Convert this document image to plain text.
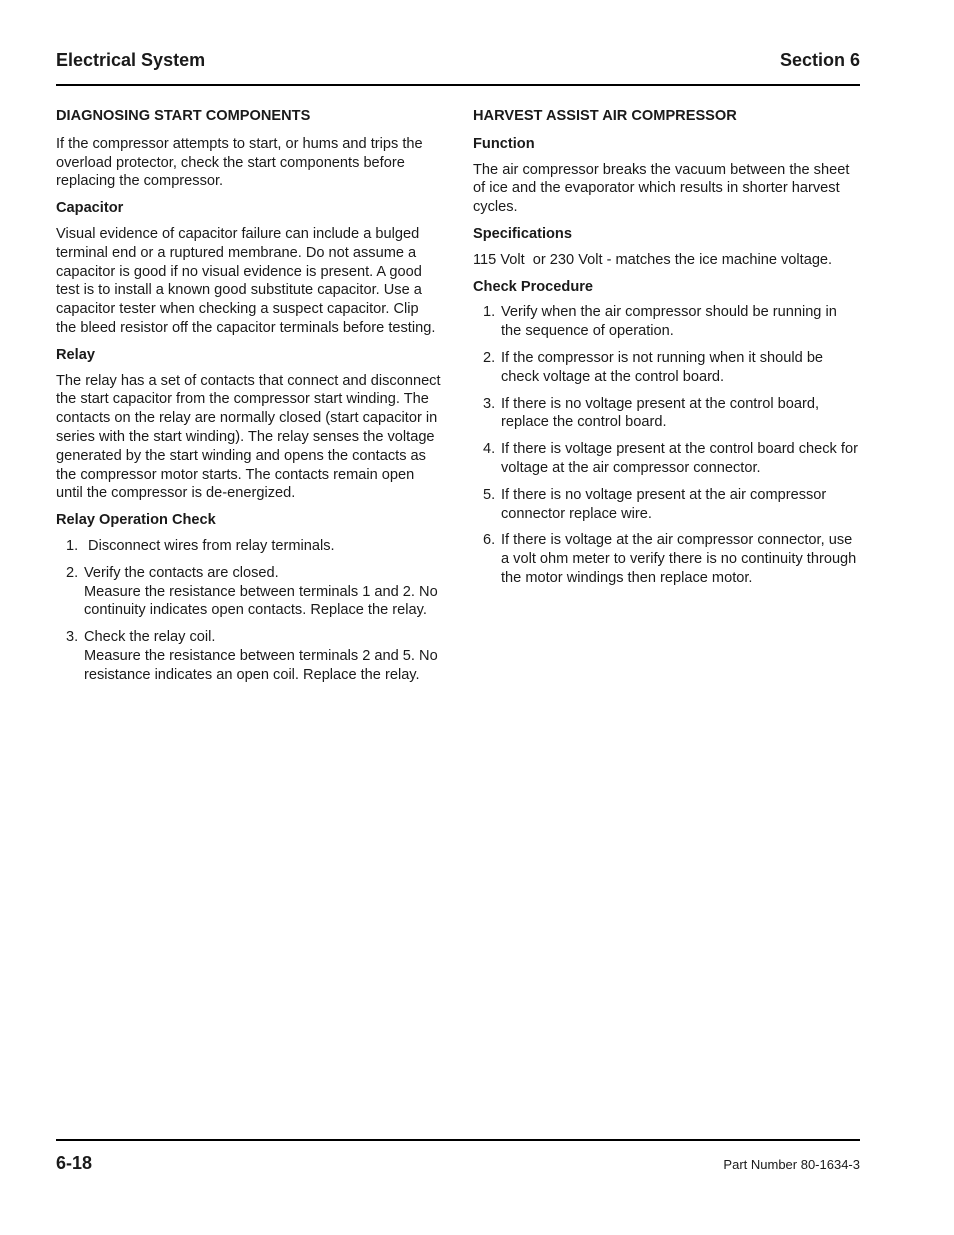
Electrical System	Section 6
DIAGNOSING START COMPONENTS

If the compressor attempts to start, or hums and trips the overload protector, check the start components before replacing the compressor.

Capacitor

Visual evidence of capacitor failure can include a bulged terminal end or a ruptured membrane. Do not assume a capacitor is good if no visual evidence is present. A good test is to install a known good substitute capacitor. Use a capacitor tester when checking a suspect capacitor. Clip the bleed resistor off the capacitor terminals before testing.

Relay

The relay has a set of contacts that connect and disconnect the start capacitor from the compressor start winding. The contacts on the relay are normally closed (start capacitor in series with the start winding). The relay senses the voltage generated by the start winding and opens the contacts as the compressor motor starts. The contacts remain open until the compressor is de-energized.

Relay Operation Check
1. Disconnect wires from relay terminals.
2. Verify the contacts are closed.
Measure the resistance between terminals 1 and 2. No continuity indicates open contacts. Replace the relay.
3. Check the relay coil.
Measure the resistance between terminals 2 and 5. No resistance indicates an open coil. Replace the relay.
HARVEST ASSIST AIR COMPRESSOR
Function

The air compressor breaks the vacuum between the sheet of ice and the evaporator which results in shorter harvest cycles.

Specifications

115 Volt  or 230 Volt - matches the ice machine voltage.

Check Procedure
1. Verify when the air compressor should be running in the sequence of operation.
2. If the compressor is not running when it should be check voltage at the control board.
3. If there is no voltage present at the control board, replace the control board.
4. If there is voltage present at the control board check for voltage at the air compressor connector.
5. If there is no voltage present at the air compressor connector replace wire.
6. If there is voltage at the air compressor connector, use a volt ohm meter to verify there is no continuity through the motor windings then replace motor.
6-18	Part Number 80-1634-3
